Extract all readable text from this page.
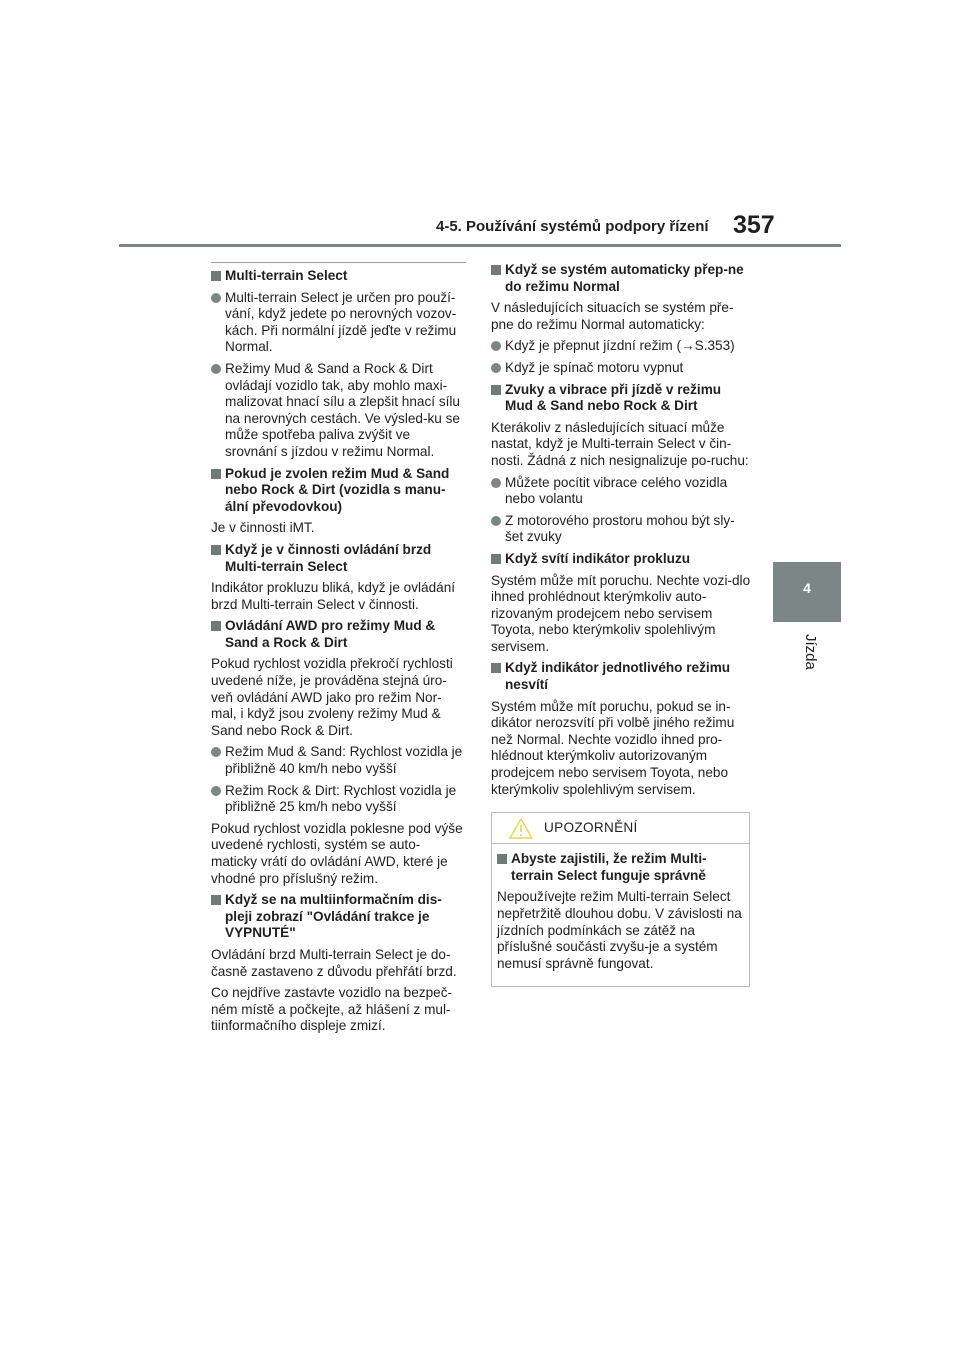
4-5. Používání systémů podpory řízení 357
4
Jízda
Multi-terrain Select
Multi-terrain Select je určen pro použí-vání, když jedete po nerovných vozov-kách. Při normální jízdě jeďte v režimu Normal.
Režimy Mud & Sand a Rock & Dirt ovládají vozidlo tak, aby mohlo maxi-malizovat hnací sílu a zlepšit hnací sílu na nerovných cestách. Ve výsled-ku se může spotřeba paliva zvýšit ve srovnání s jízdou v režimu Normal.
Pokud je zvolen režim Mud & Sand nebo Rock & Dirt (vozidla s manu-ální převodovkou)
Je v činnosti iMT.
Když je v činnosti ovládání brzd Multi-terrain Select
Indikátor prokluzu bliká, když je ovládání brzd Multi-terrain Select v činnosti.
Ovládání AWD pro režimy Mud & Sand a Rock & Dirt
Pokud rychlost vozidla překročí rychlosti uvedené níže, je prováděna stejná úro-veň ovládání AWD jako pro režim Nor-mal, i když jsou zvoleny režimy Mud & Sand nebo Rock & Dirt.
Režim Mud & Sand: Rychlost vozidla je přibližně 40 km/h nebo vyšší
Režim Rock & Dirt: Rychlost vozidla je přibližně 25 km/h nebo vyšší
Pokud rychlost vozidla poklesne pod výše uvedené rychlosti, systém se auto-maticky vrátí do ovládání AWD, které je vhodné pro příslušný režim.
Když se na multiinformačním dis-pleji zobrazí "Ovládání trakce je VYPNUTÉ"
Ovládání brzd Multi-terrain Select je do-časně zastaveno z důvodu přehřátí brzd.
Co nejdříve zastavte vozidlo na bezpeč-ném místě a počkejte, až hlášení z mul-tiinformačního displeje zmizí.
Když se systém automaticky přep-ne do režimu Normal
V následujících situacích se systém pře-pne do režimu Normal automaticky:
Když je přepnut jízdní režim (→S.353)
Když je spínač motoru vypnut
Zvuky a vibrace při jízdě v režimu Mud & Sand nebo Rock & Dirt
Kterákoliv z následujících situací může nastat, když je Multi-terrain Select v čin-nosti. Žádná z nich nesignalizuje po-ruchu:
Můžete pocítit vibrace celého vozidla nebo volantu
Z motorového prostoru mohou být sly-šet zvuky
Když svítí indikátor prokluzu
Systém může mít poruchu. Nechte vozi-dlo ihned prohlédnout kterýmkoliv auto-rizovaným prodejcem nebo servisem Toyota, nebo kterýmkoliv spolehlivým servisem.
Když indikátor jednotlivého režimu nesvítí
Systém může mít poruchu, pokud se in-dikátor nerozsvítí při volbě jiného režimu než Normal. Nechte vozidlo ihned pro-hlédnout kterýmkoliv autorizovaným prodejcem nebo servisem Toyota, nebo kterýmkoliv spolehlivým servisem.
UPOZORNĚNÍ
Abyste zajistili, že režim Multi-terrain Select funguje správně
Nepoužívejte režim Multi-terrain Select nepřetržitě dlouhou dobu. V závislosti na jízdních podmínkách se zátěž na příslušné součásti zvyšu-je a systém nemusí správně fungovat.
